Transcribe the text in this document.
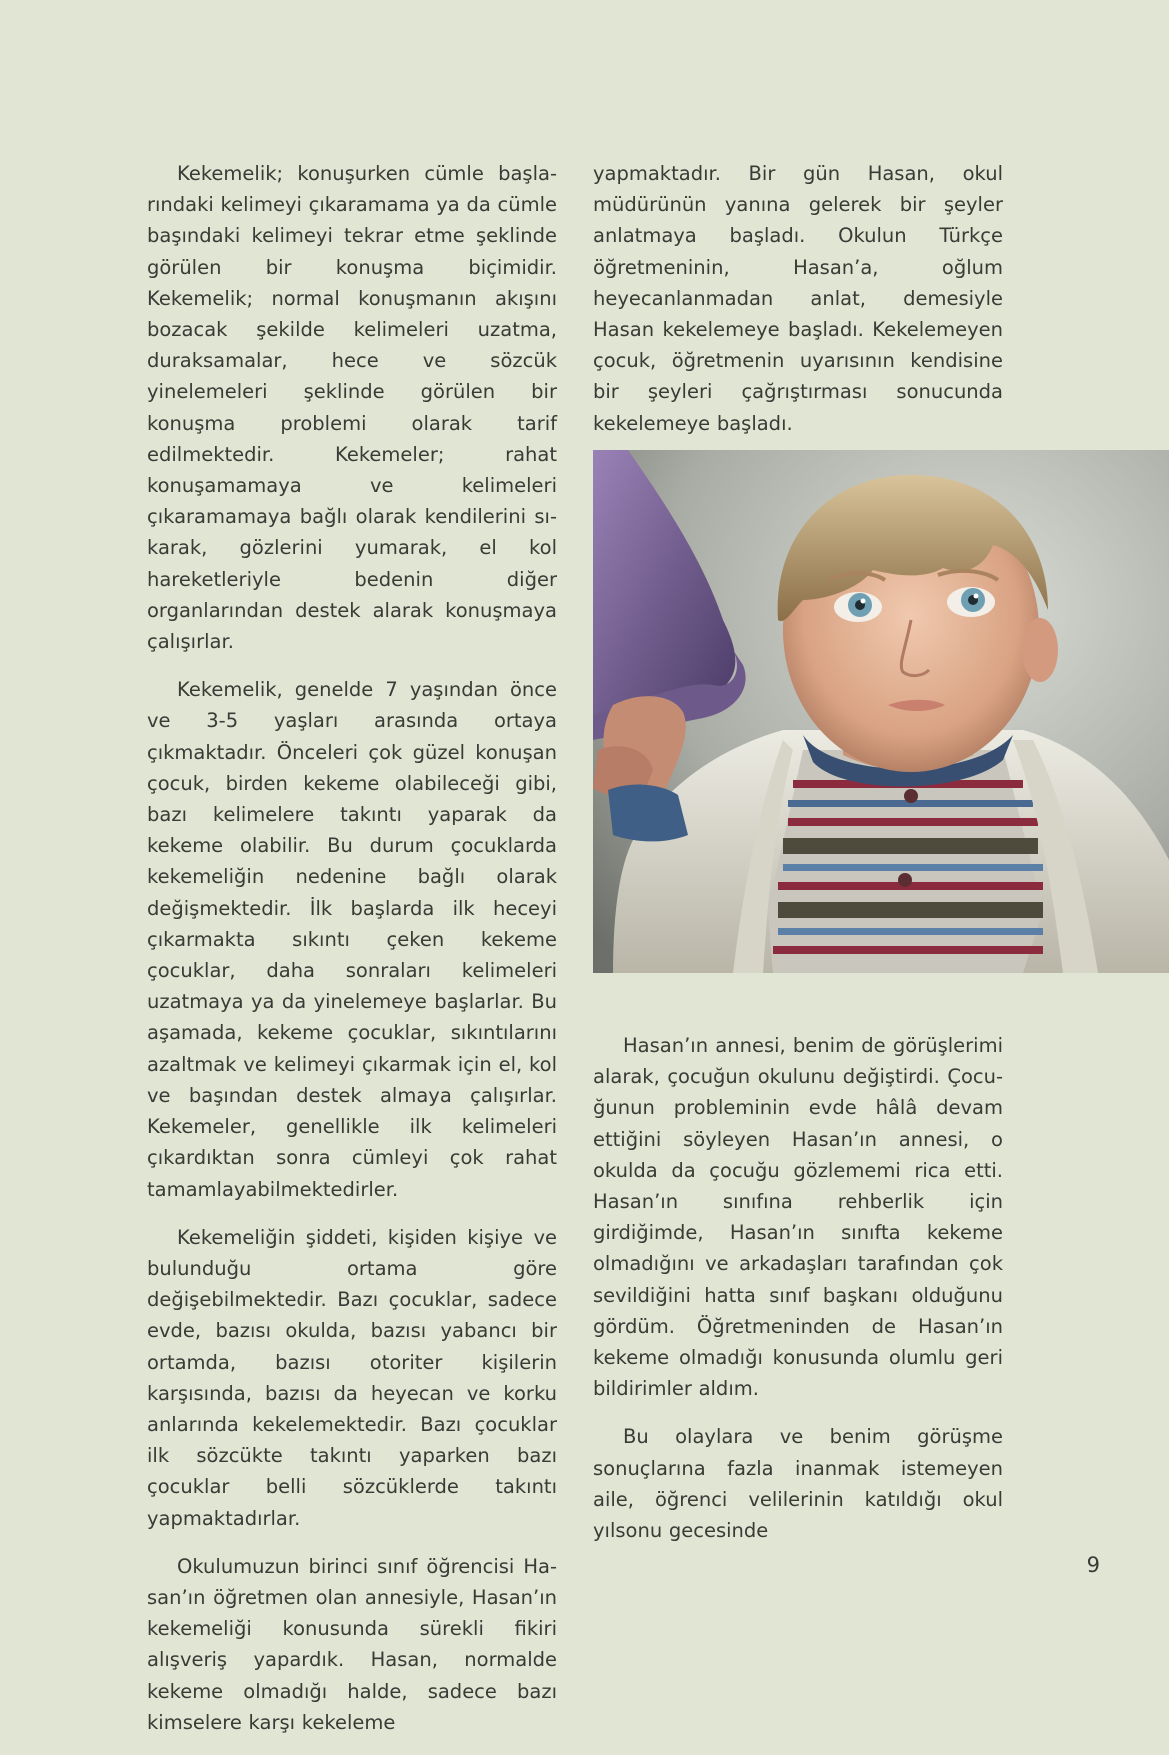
Kekemelik; konuşurken cümle başlarındaki kelimeyi çıkaramama ya da cümle başındaki kelimeyi tekrar etme şeklinde görülen bir konuşma biçimidir. Kekemelik; normal konuşmanın akışını bozacak şekilde kelimeleri uzatma, duraksamalar, hece ve sözcük yinelemeleri şeklinde görülen bir konuşma problemi olarak tarif edilmektedir. Kekemeler; rahat konuşamamaya ve kelimeleri çıkaramamaya bağlı olarak kendilerini sıkarak, gözlerini yumarak, el kol hareketleriyle bedenin diğer organlarından destek alarak konuşmaya çalışırlar.

Kekemelik, genelde 7 yaşından önce ve 3-5 yaşları arasında ortaya çıkmaktadır. Önceleri çok güzel konuşan çocuk, birden kekeme olabileceği gibi, bazı kelimelere takıntı yaparak da kekeme olabilir. Bu durum çocuklarda kekemeliğin nedenine bağlı olarak değişmektedir. İlk başlarda ilk heceyi çıkarmakta sıkıntı çeken kekeme çocuklar, daha sonraları kelimeleri uzatmaya ya da yinelemeye başlarlar. Bu aşamada, kekeme çocuklar, sıkıntılarını azaltmak ve kelimeyi çıkarmak için el, kol ve başından destek almaya çalışırlar. Kekemeler, genellikle ilk kelimeleri çıkardıktan sonra cümleyi çok rahat tamamlayabilmektedirler.

Kekemeliğin şiddeti, kişiden kişiye ve bulunduğu ortama göre değişebilmektedir. Bazı çocuklar, sadece evde, bazısı okulda, bazısı yabancı bir ortamda, bazısı otoriter kişilerin karşısında, bazısı da heyecan ve korku anlarında kekelemektedir. Bazı çocuklar ilk sözcükte takıntı yaparken bazı çocuklar belli sözcüklerde takıntı yapmaktadırlar.

Okulumuzun birinci sınıf öğrencisi Hasan’ın öğretmen olan annesiyle, Hasan’ın kekemeliği konusunda sürekli fikiri alışveriş yapardık. Hasan, normalde kekeme olmadığı halde, sadece bazı kimselere karşı kekeleme

yapmaktadır. Bir gün Hasan, okul müdürünün yanına gelerek bir şeyler anlatmaya başladı. Okulun Türkçe öğretmeninin, Hasan’a, oğlum heyecanlanmadan anlat, demesiyle Hasan kekelemeye başladı. Kekelemeyen çocuk, öğretmenin uyarısının kendisine bir şeyleri çağrıştırması sonucunda kekelemeye başladı.

Hasan’ın annesi, benim de görüşlerimi alarak, çocuğun okulunu değiştirdi. Çocuğunun probleminin evde hâlâ devam ettiğini söyleyen Hasan’ın annesi, o okulda da çocuğu gözlememi rica etti. Hasan’ın sınıfına rehberlik için girdiğimde, Hasan’ın sınıfta kekeme olmadığını ve arkadaşları tarafından çok sevildiğini hatta sınıf başkanı olduğunu gördüm. Öğretmeninden de Hasan’ın kekeme olmadığı konusunda olumlu geri bildirimler aldım.

Bu olaylara ve benim görüşme sonuçlarına fazla inanmak istemeyen aile, öğrenci velilerinin katıldığı okul yılsonu gecesinde

9
